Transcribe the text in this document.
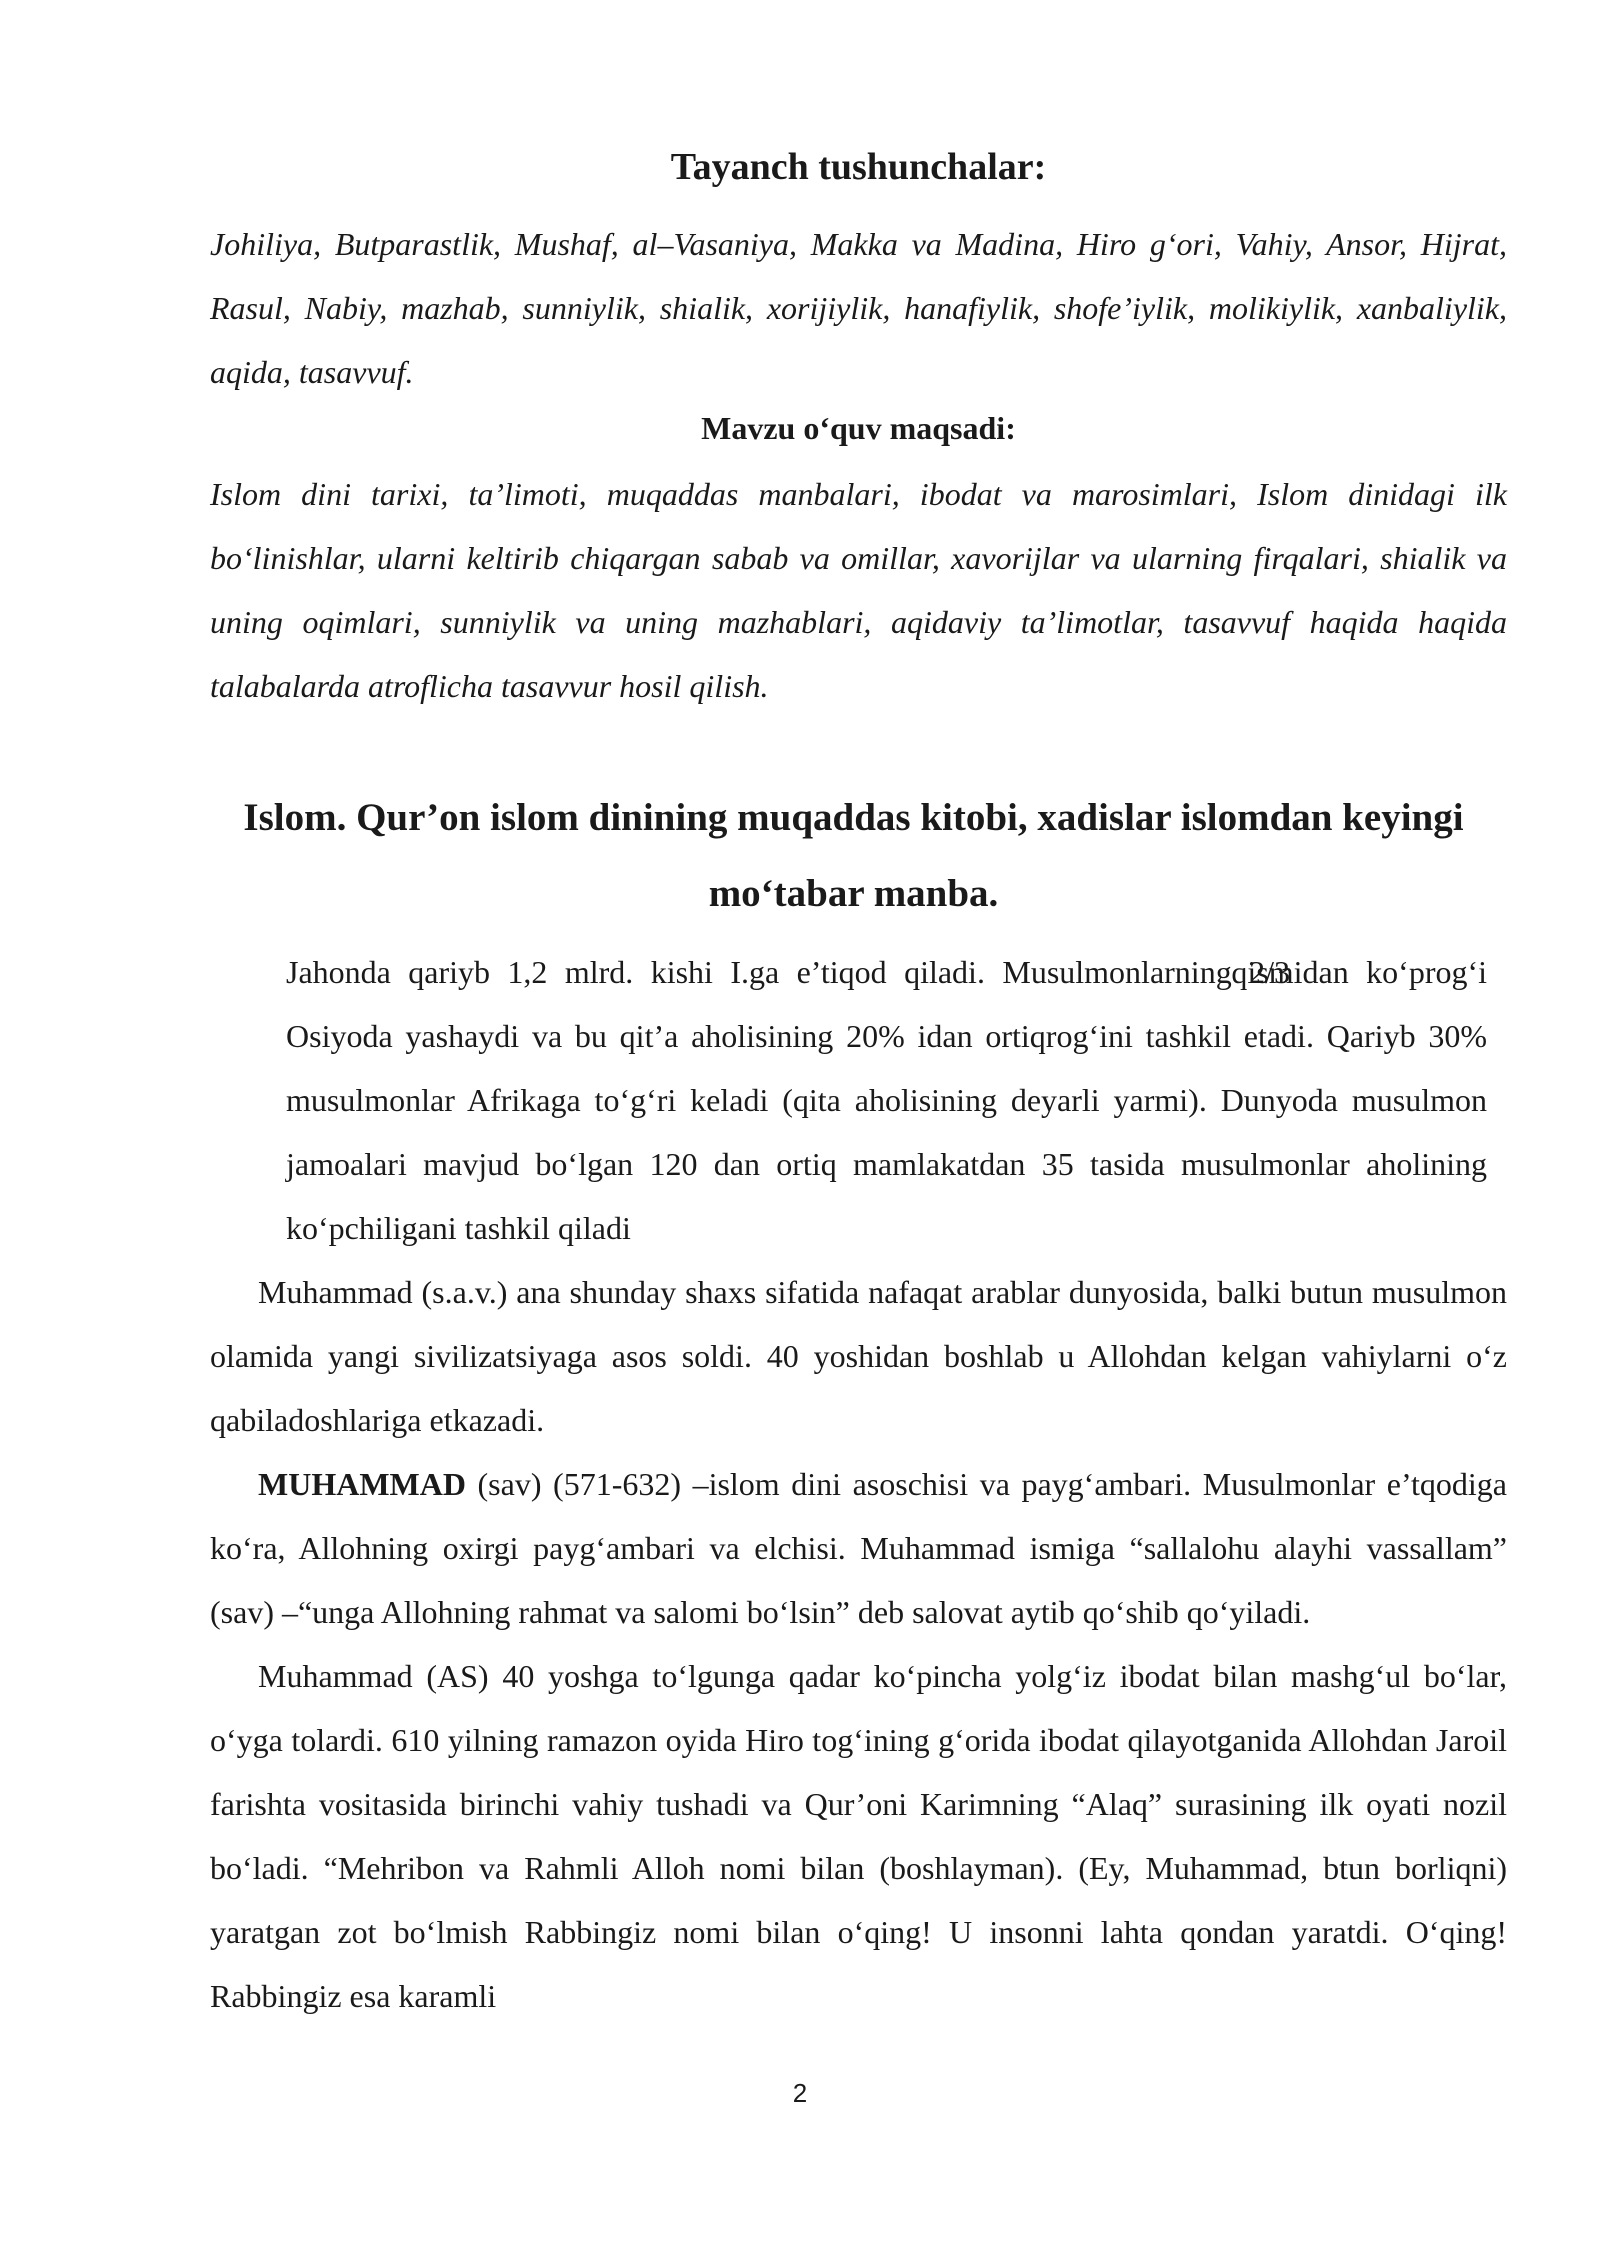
Tayanch tushunchalar:

Johiliya, Butparastlik, Mushaf, al–Vasaniya, Makka va Madina, Hiro g‘ori, Vahiy, Ansor, Hijrat, Rasul, Nabiy, mazhab, sunniylik, shialik, xorijiylik, hanafiylik, shofe’iylik, molikiylik, xanbaliylik, aqida, tasavvuf.

Mavzu o‘quv maqsadi:

Islom dini tarixi, ta’limoti, muqaddas manbalari, ibodat va marosimlari, Islom dinidagi ilk bo‘linishlar, ularni keltirib chiqargan sabab va omillar, xavorijlar va ularning firqalari, shialik va uning oqimlari, sunniylik va uning mazhablari, aqidaviy ta’limotlar, tasavvuf haqida haqida talabalarda atroflicha tasavvur hosil qilish.

Islom. Qur’on islom dinining muqaddas kitobi, xadislar islomdan keyingi mo‘tabar manba.

Jahonda qariyb 1,2 mlrd. kishi I.ga e’tiqod qiladi. Musulmonlarning 2/3 qismidan ko‘prog‘i Osiyoda yashaydi va bu qit’a aholisining 20% idan ortiqrog‘ini tashkil etadi. Qariyb 30% musulmonlar Afrikaga to‘g‘ri keladi (qita aholisining deyarli yarmi). Dunyoda musulmon jamoalari mavjud bo‘lgan 120 dan ortiq mamlakatdan 35 tasida musulmonlar aholining ko‘pchiligani tashkil qiladi

Muhammad (s.a.v.) ana shunday shaxs sifatida nafaqat arablar dunyosida, balki butun musulmon olamida yangi sivilizatsiyaga asos soldi. 40 yoshidan boshlab u Allohdan kelgan vahiylarni o‘z qabiladoshlariga etkazadi.

MUHAMMAD (sav) (571-632) –islom dini asoschisi va payg‘ambari. Musulmonlar e’tqodiga ko‘ra, Allohning oxirgi payg‘ambari va elchisi. Muhammad ismiga “sallalohu alayhi vassallam” (sav) –“unga Allohning rahmat va salomi bo‘lsin” deb salovat aytib qo‘shib qo‘yiladi.

Muhammad (AS) 40 yoshga to‘lgunga qadar ko‘pincha yolg‘iz ibodat bilan mashg‘ul bo‘lar, o‘yga tolardi. 610 yilning ramazon oyida Hiro tog‘ining g‘orida ibodat qilayotganida Allohdan Jaroil farishta vositasida birinchi vahiy tushadi va Qur’oni Karimning “Alaq” surasining ilk oyati nozil bo‘ladi. “Mehribon va Rahmli Alloh nomi bilan (boshlayman). (Ey, Muhammad, btun borliqni) yaratgan zot bo‘lmish Rabbingiz nomi bilan o‘qing! U insonni lahta qondan yaratdi. O‘qing! Rabbingiz esa karamli

2
